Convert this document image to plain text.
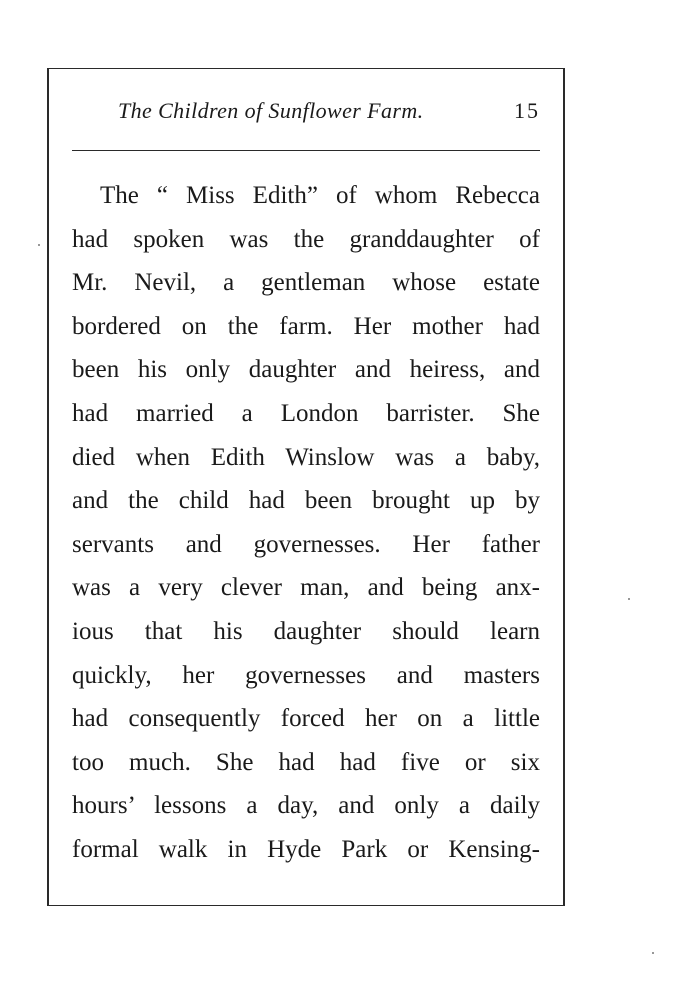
The Children of Sunflower Farm.	15
The “ Miss Edith” of whom Rebecca
had spoken was the granddaughter of
Mr. Nevil, a gentleman whose estate
bordered on the farm. Her mother had
been his only daughter and heiress, and
had married a London barrister. She
died when Edith Winslow was a baby,
and the child had been brought up by
servants and governesses. Her father
was a very clever man, and being anx-
ious that his daughter should learn
quickly, her governesses and masters
had consequently forced her on a little
too much. She had had five or six
hours’ lessons a day, and only a daily
formal walk in Hyde Park or Kensing-
